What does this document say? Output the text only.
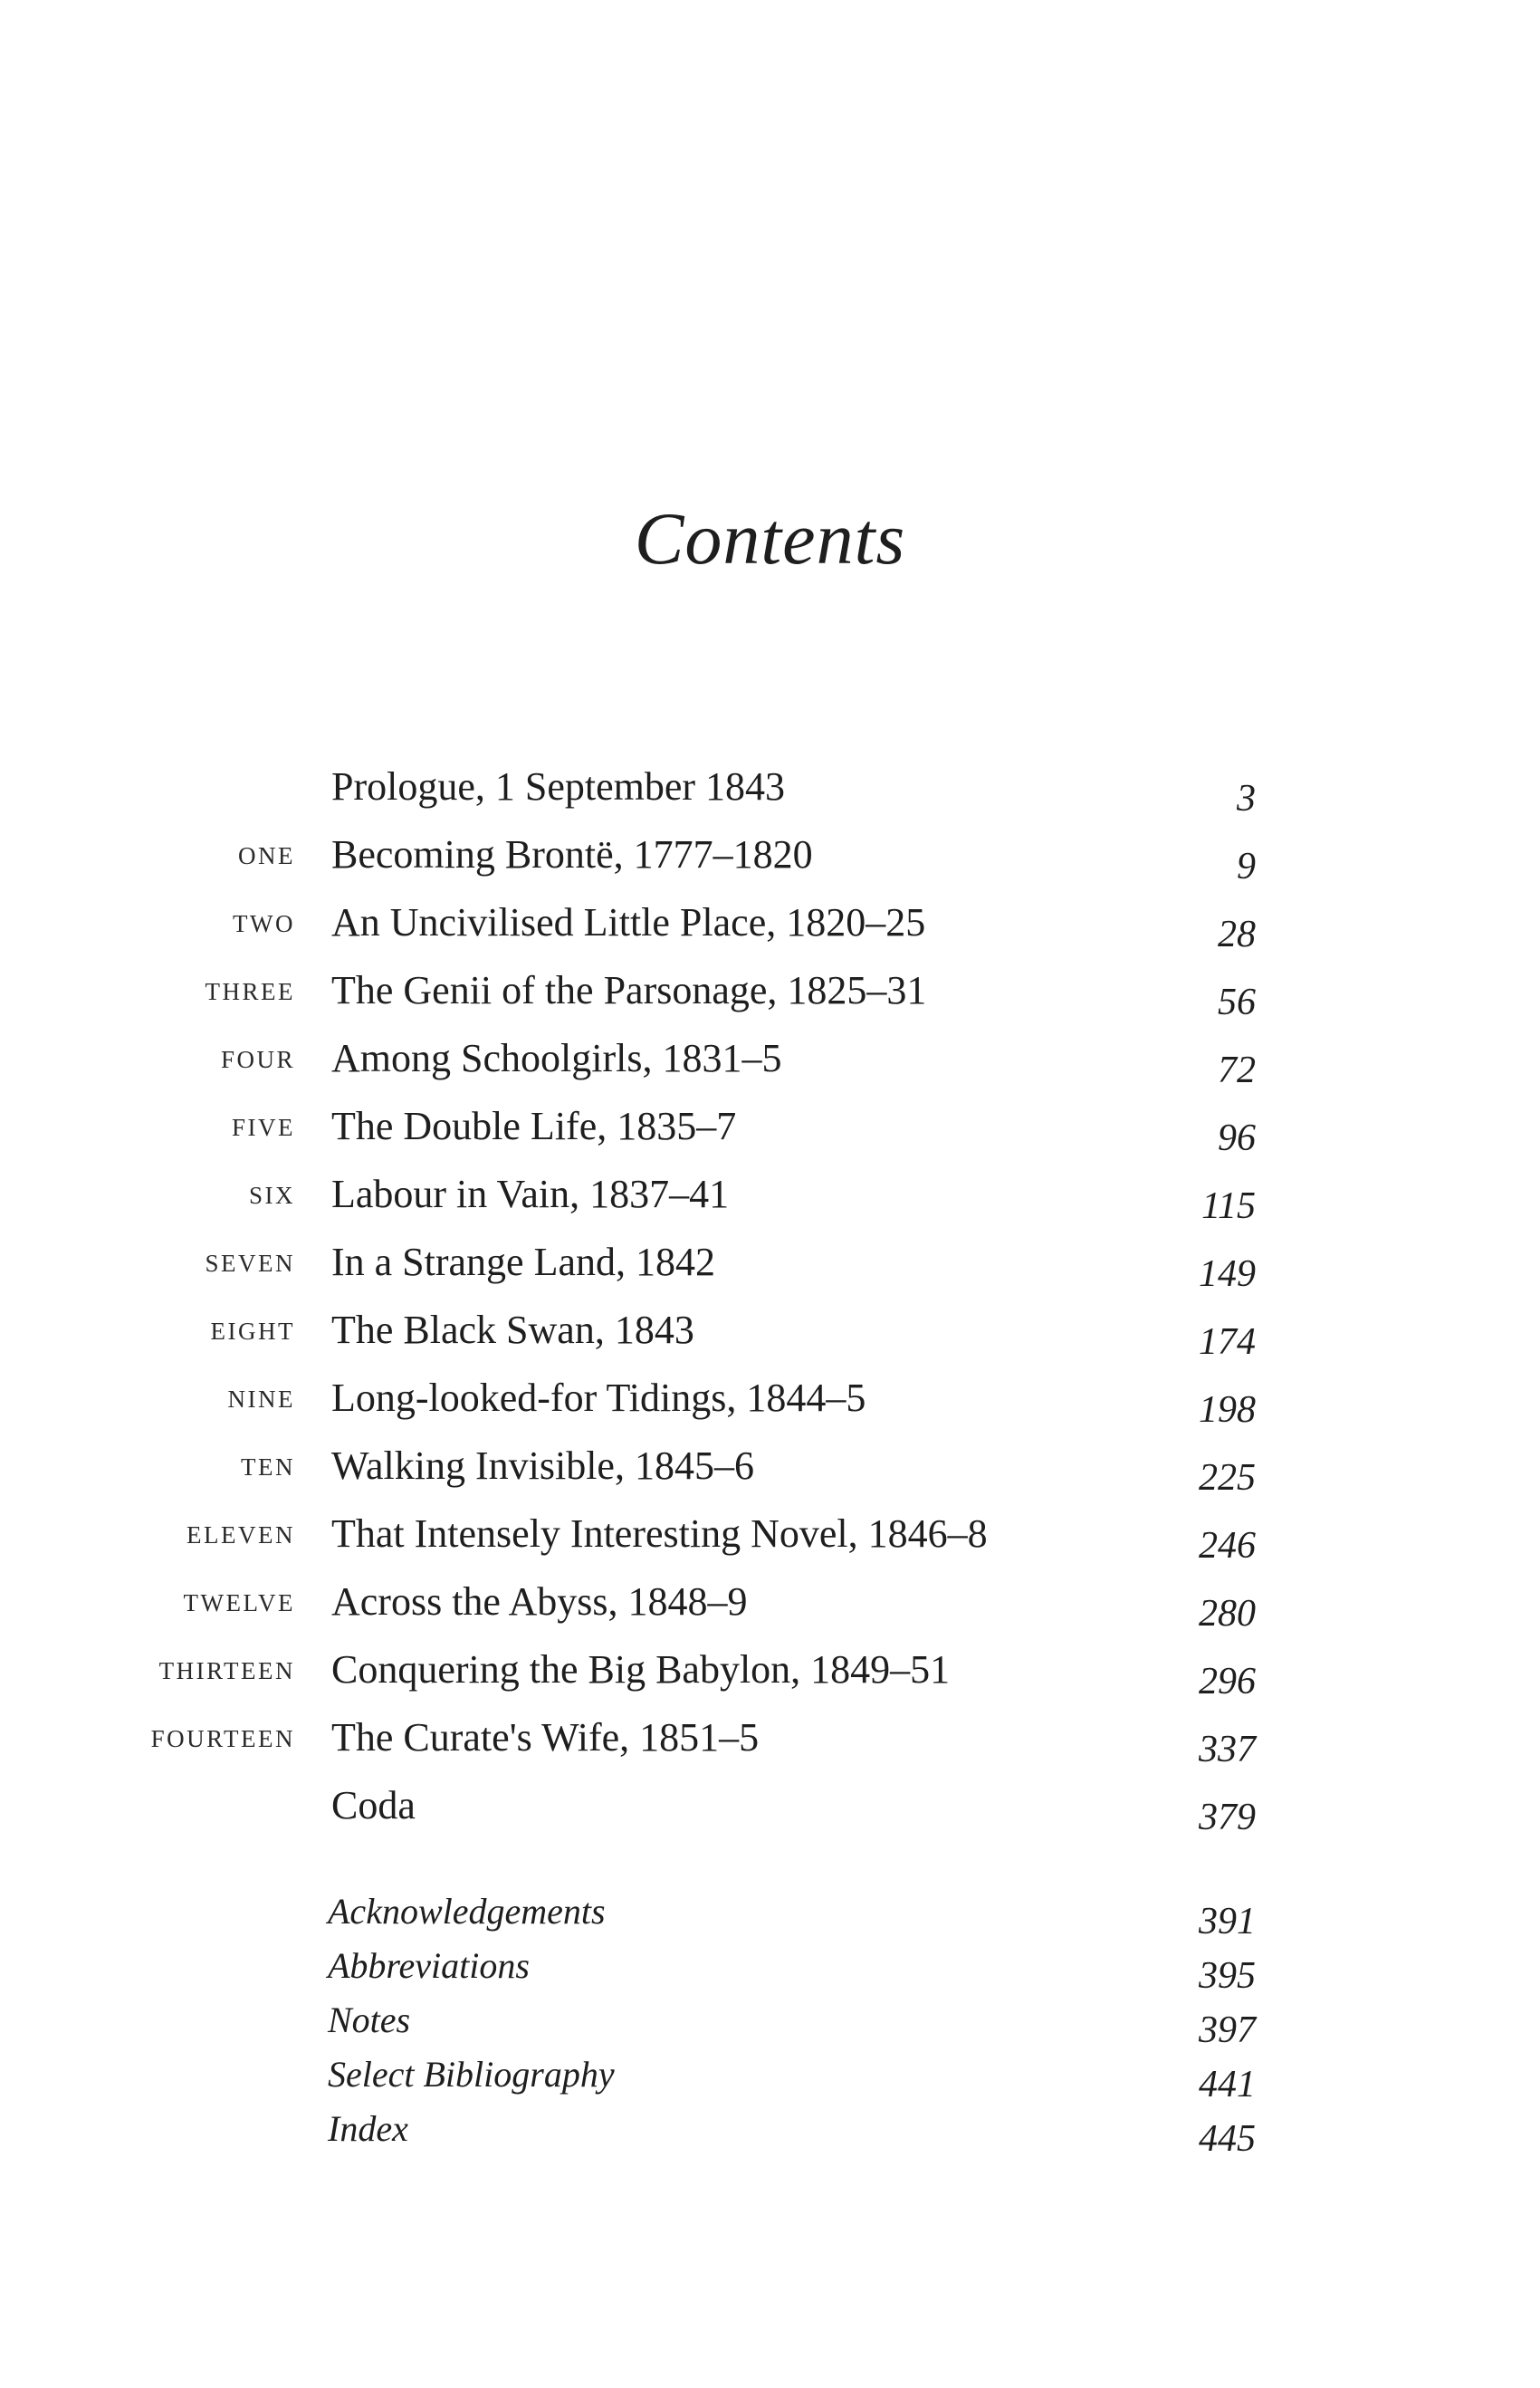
Contents
Prologue, 1 September 1843	3
ONE Becoming Brontë, 1777–1820	9
TWO An Uncivilised Little Place, 1820–25	28
THREE The Genii of the Parsonage, 1825–31	56
FOUR Among Schoolgirls, 1831–5	72
FIVE The Double Life, 1835–7	96
SIX Labour in Vain, 1837–41	115
SEVEN In a Strange Land, 1842	149
EIGHT The Black Swan, 1843	174
NINE Long-looked-for Tidings, 1844–5	198
TEN Walking Invisible, 1845–6	225
ELEVEN That Intensely Interesting Novel, 1846–8	246
TWELVE Across the Abyss, 1848–9	280
THIRTEEN Conquering the Big Babylon, 1849–51	296
FOURTEEN The Curate's Wife, 1851–5	337
Coda	379
Acknowledgements	391
Abbreviations	395
Notes	397
Select Bibliography	441
Index	445
